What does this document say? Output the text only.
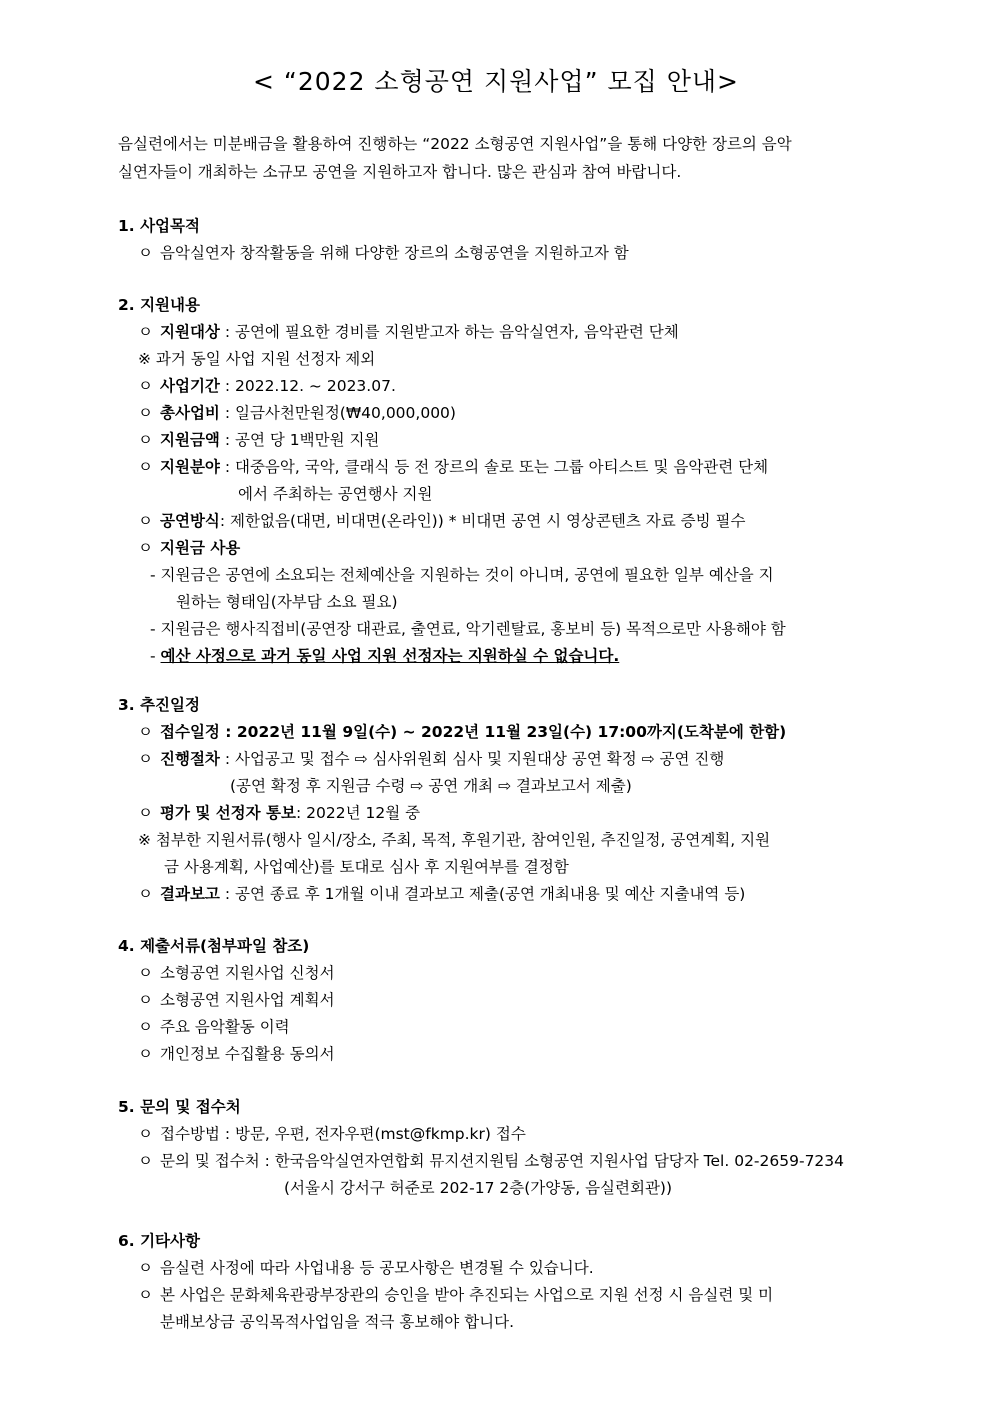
< “2022 소형공연 지원사업” 모집 안내>
음실련에서는 미분배금을 활용하여 진행하는 “2022 소형공연 지원사업”을 통해 다양한 장르의 음악
실연자들이 개최하는 소규모 공연을 지원하고자 합니다. 많은 관심과 참여 바랍니다.
1. 사업목적
ㅇ 음악실연자 창작활동을 위해 다양한 장르의 소형공연을 지원하고자 함
2. 지원내용
ㅇ 지원대상 : 공연에 필요한 경비를 지원받고자 하는 음악실연자, 음악관련 단체
※ 과거 동일 사업 지원 선정자 제외
ㅇ 사업기간 : 2022.12. ~ 2023.07.
ㅇ 총사업비 : 일금사천만원정(₩40,000,000)
ㅇ 지원금액 : 공연 당 1백만원 지원
ㅇ 지원분야 : 대중음악, 국악, 클래식 등 전 장르의 솔로 또는 그룹 아티스트 및 음악관련 단체
에서 주최하는 공연행사 지원
ㅇ 공연방식: 제한없음(대면, 비대면(온라인)) * 비대면 공연 시 영상콘텐츠 자료 증빙 필수
ㅇ 지원금 사용
- 지원금은 공연에 소요되는 전체예산을 지원하는 것이 아니며, 공연에 필요한 일부 예산을 지
원하는 형태임(자부담 소요 필요)
- 지원금은 행사직접비(공연장 대관료, 출연료, 악기렌탈료, 홍보비 등) 목적으로만 사용해야 함
- 예산 사정으로 과거 동일 사업 지원 선정자는 지원하실 수 없습니다.
3. 추진일정
ㅇ 접수일정 : 2022년 11월 9일(수) ~ 2022년 11월 23일(수) 17:00까지(도착분에 한함)
ㅇ 진행절차 : 사업공고 및 접수 ⇨ 심사위원회 심사 및 지원대상 공연 확정 ⇨ 공연 진행
(공연 확정 후 지원금 수령 ⇨ 공연 개최 ⇨ 결과보고서 제출)
ㅇ 평가 및 선정자 통보: 2022년 12월 중
※ 첨부한 지원서류(행사 일시/장소, 주최, 목적, 후원기관, 참여인원, 추진일정, 공연계획, 지원
금 사용계획, 사업예산)를 토대로 심사 후 지원여부를 결정함
ㅇ 결과보고 : 공연 종료 후 1개월 이내 결과보고 제출(공연 개최내용 및 예산 지출내역 등)
4. 제출서류(첨부파일 참조)
ㅇ 소형공연 지원사업 신청서
ㅇ 소형공연 지원사업 계획서
ㅇ 주요 음악활동 이력
ㅇ 개인정보 수집활용 동의서
5. 문의 및 접수처
ㅇ 접수방법 : 방문, 우편, 전자우편(mst@fkmp.kr) 접수
ㅇ 문의 및 접수처 : 한국음악실연자연합회 뮤지션지원팀 소형공연 지원사업 담당자 Tel. 02-2659-7234
(서울시 강서구 허준로 202-17 2층(가양동, 음실련회관))
6. 기타사항
ㅇ 음실련 사정에 따라 사업내용 등 공모사항은 변경될 수 있습니다.
ㅇ 본 사업은 문화체육관광부장관의 승인을 받아 추진되는 사업으로 지원 선정 시 음실련 및 미
분배보상금 공익목적사업임을 적극 홍보해야 합니다.
